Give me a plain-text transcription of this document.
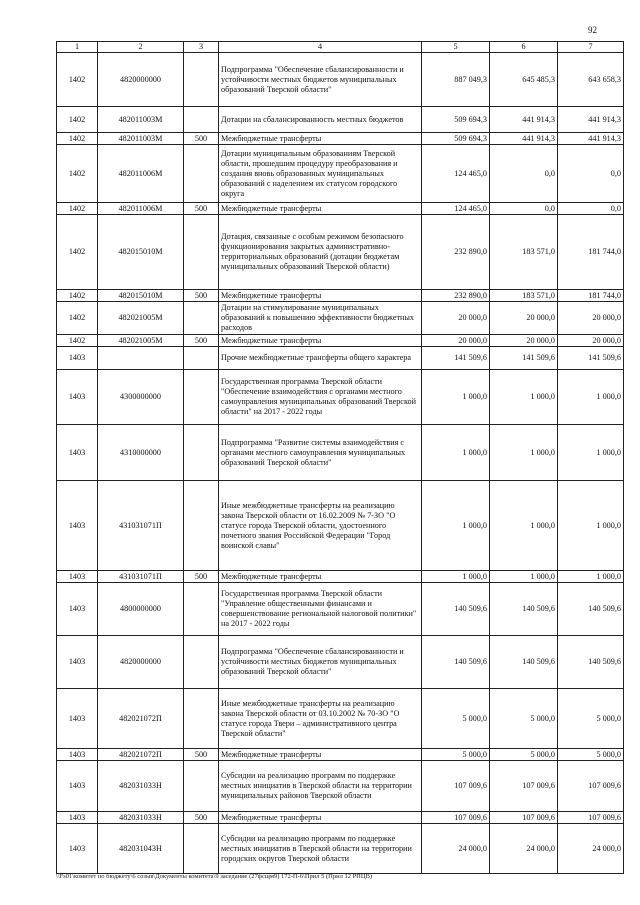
92
1	2	3	4	5	6	7
1402	4820000000		Подпрограмма "Обеспечение сбалансированности и устойчивости местных бюджетов муниципальных образований Тверской области"	887 049,3	645 485,3	643 658,3
1402	482011003М		Дотации на сбалансированность местных бюджетов	509 694,3	441 914,3	441 914,3
1402	482011003М	500	Межбюджетные трансферты	509 694,3	441 914,3	441 914,3
1402	482011006М		Дотации муниципальным образованиям Тверской области, прошедшим процедуру преобразования и создания вновь образованных муниципальных образований с наделением их статусом городского округа	124 465,0	0,0	0,0
1402	482011006М	500	Межбюджетные трансферты	124 465,0	0,0	0,0
1402	482015010М		Дотация, связанные с особым режимом безопасного функционирования закрытых административно-территориальных образований (дотации бюджетам муниципальных образований Тверской области)	232 890,0	183 571,0	181 744,0
1402	482015010М	500	Межбюджетные трансферты	232 890,0	183 571,0	181 744,0
1402	482021005М		Дотации на стимулирование муниципальных образований к повышению эффективности бюджетных расходов	20 000,0	20 000,0	20 000,0
1402	482021005М	500	Межбюджетные трансферты	20 000,0	20 000,0	20 000,0
1403			Прочие межбюджетные трансферты общего характера	141 509,6	141 509,6	141 509,6
1403	4300000000		Государственная программа Тверской области "Обеспечение взаимодействия с органами местного самоуправления муниципальных образований Тверской области" на 2017 - 2022 годы	1 000,0	1 000,0	1 000,0
1403	4310000000		Подпрограмма "Развитие системы взаимодействия с органами местного самоуправления муниципальных образований Тверской области"	1 000,0	1 000,0	1 000,0
1403	431031071П		Иные межбюджетные трансферты на реализацию закона Тверской области от 16.02.2009 № 7-ЗО "О статусе города Тверской области, удостоенного почетного звания Российской Федерации "Город воинской славы"	1 000,0	1 000,0	1 000,0
1403	431031071П	500	Межбюджетные трансферты	1 000,0	1 000,0	1 000,0
1403	4800000000		Государственная программа Тверской области "Управление общественными финансами и совершенствование региональной налоговой политики" на 2017 - 2022 годы	140 509,6	140 509,6	140 509,6
1403	4820000000		Подпрограмма "Обеспечение сбалансированности и устойчивости местных бюджетов муниципальных образований Тверской области"	140 509,6	140 509,6	140 509,6
1403	482021072П		Иные межбюджетные трансферты на реализацию закона Тверской области от 03.10.2002 № 70-ЗО "О статусе города Твери – административного центра Тверской области"	5 000,0	5 000,0	5 000,0
1403	482021072П	500	Межбюджетные трансферты	5 000,0	5 000,0	5 000,0
1403	482031033Н		Субсидии на реализацию программ по поддержке местных инициатив в Тверской области на территории муниципальных районов Тверской области	107 009,6	107 009,6	107 009,6
1403	482031033Н	500	Межбюджетные трансферты	107 009,6	107 009,6	107 009,6
1403	482031043Н		Субсидии на реализацию программ по поддержке местных инициатив в Тверской области на территории городских округов Тверской области	24 000,0	24 000,0	24 000,0
\\Fs01\комитет по бюджету\6 созыв\Документы комитета\9 заседание (27фсщм9) 172-П-6\Прил 5 (Прил 12 РПЦВ)
